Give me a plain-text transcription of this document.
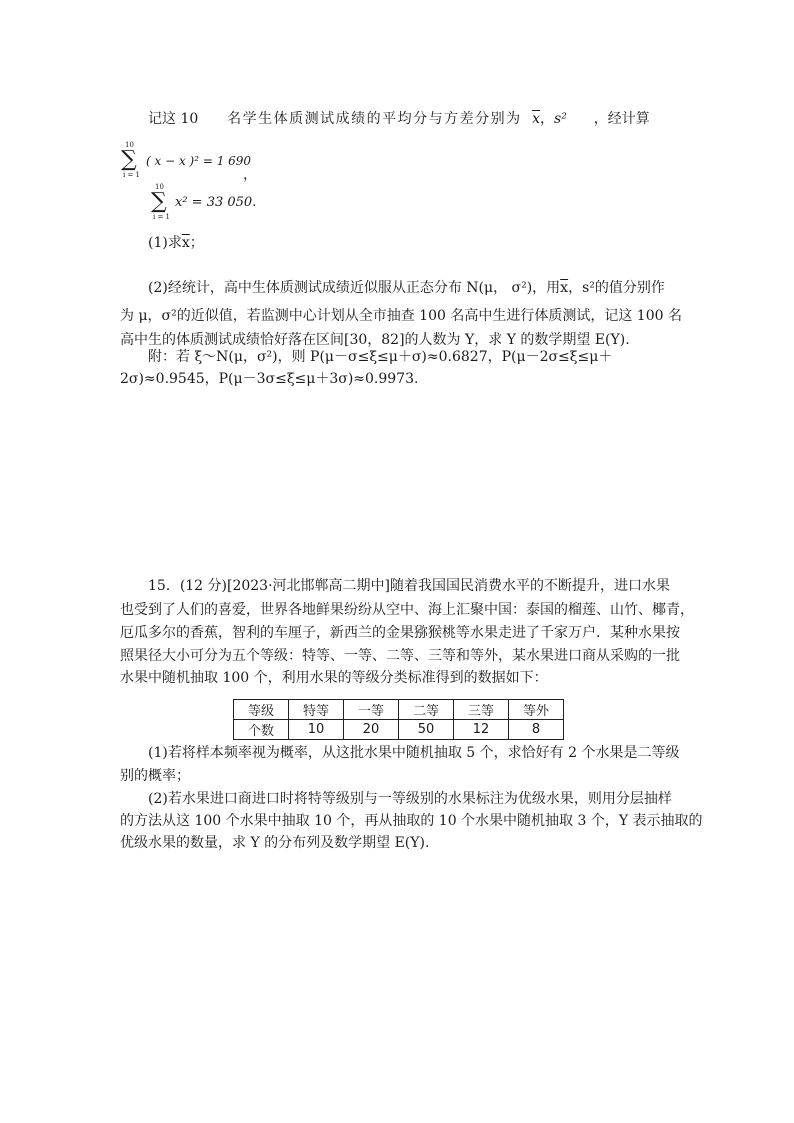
记这 10 名学生体质测试成绩的平均分与方差分别为 $\overline{x}$，s² ，经计算
10
∑
i = 1
( x − x )² = 1 690
，
10
∑
i = 1
x² = 33 050.
(1)求$\overline{x}$；
(2)经统计，高中生体质测试成绩近似服从正态分布 N(μ， σ²)，用$\overline{x}$，s²的值分别作
为 μ，σ²的近似值，若监测中心计划从全市抽查 100 名高中生进行体质测试，记这 100 名
高中生的体质测试成绩恰好落在区间[30，82]的人数为 Y，求 Y 的数学期望 E(Y).
附：若 ξ～N(μ，σ²)，则 P(μ－σ≤ξ≤μ＋σ)≈0.6827，P(μ－2σ≤ξ≤μ＋
2σ)≈0.9545，P(μ－3σ≤ξ≤μ＋3σ)≈0.9973.
15．(12 分)[2023·河北邯郸高二期中]随着我国国民消费水平的不断提升，进口水果
也受到了人们的喜爱，世界各地鲜果纷纷从空中、海上汇聚中国：泰国的榴莲、山竹、椰青，
厄瓜多尔的香蕉，智利的车厘子，新西兰的金果猕猴桃等水果走进了千家万户．某种水果按
照果径大小可分为五个等级：特等、一等、二等、三等和等外，某水果进口商从采购的一批
水果中随机抽取 100 个，利用水果的等级分类标准得到的数据如下：
等级	特等	一等	二等	三等	等外
个数	10	20	50	12	8
(1)若将样本频率视为概率，从这批水果中随机抽取 5 个，求恰好有 2 个水果是二等级
别的概率；
(2)若水果进口商进口时将特等级别与一等级别的水果标注为优级水果，则用分层抽样
的方法从这 100 个水果中抽取 10 个，再从抽取的 10 个水果中随机抽取 3 个，Y 表示抽取的
优级水果的数量，求 Y 的分布列及数学期望 E(Y).
